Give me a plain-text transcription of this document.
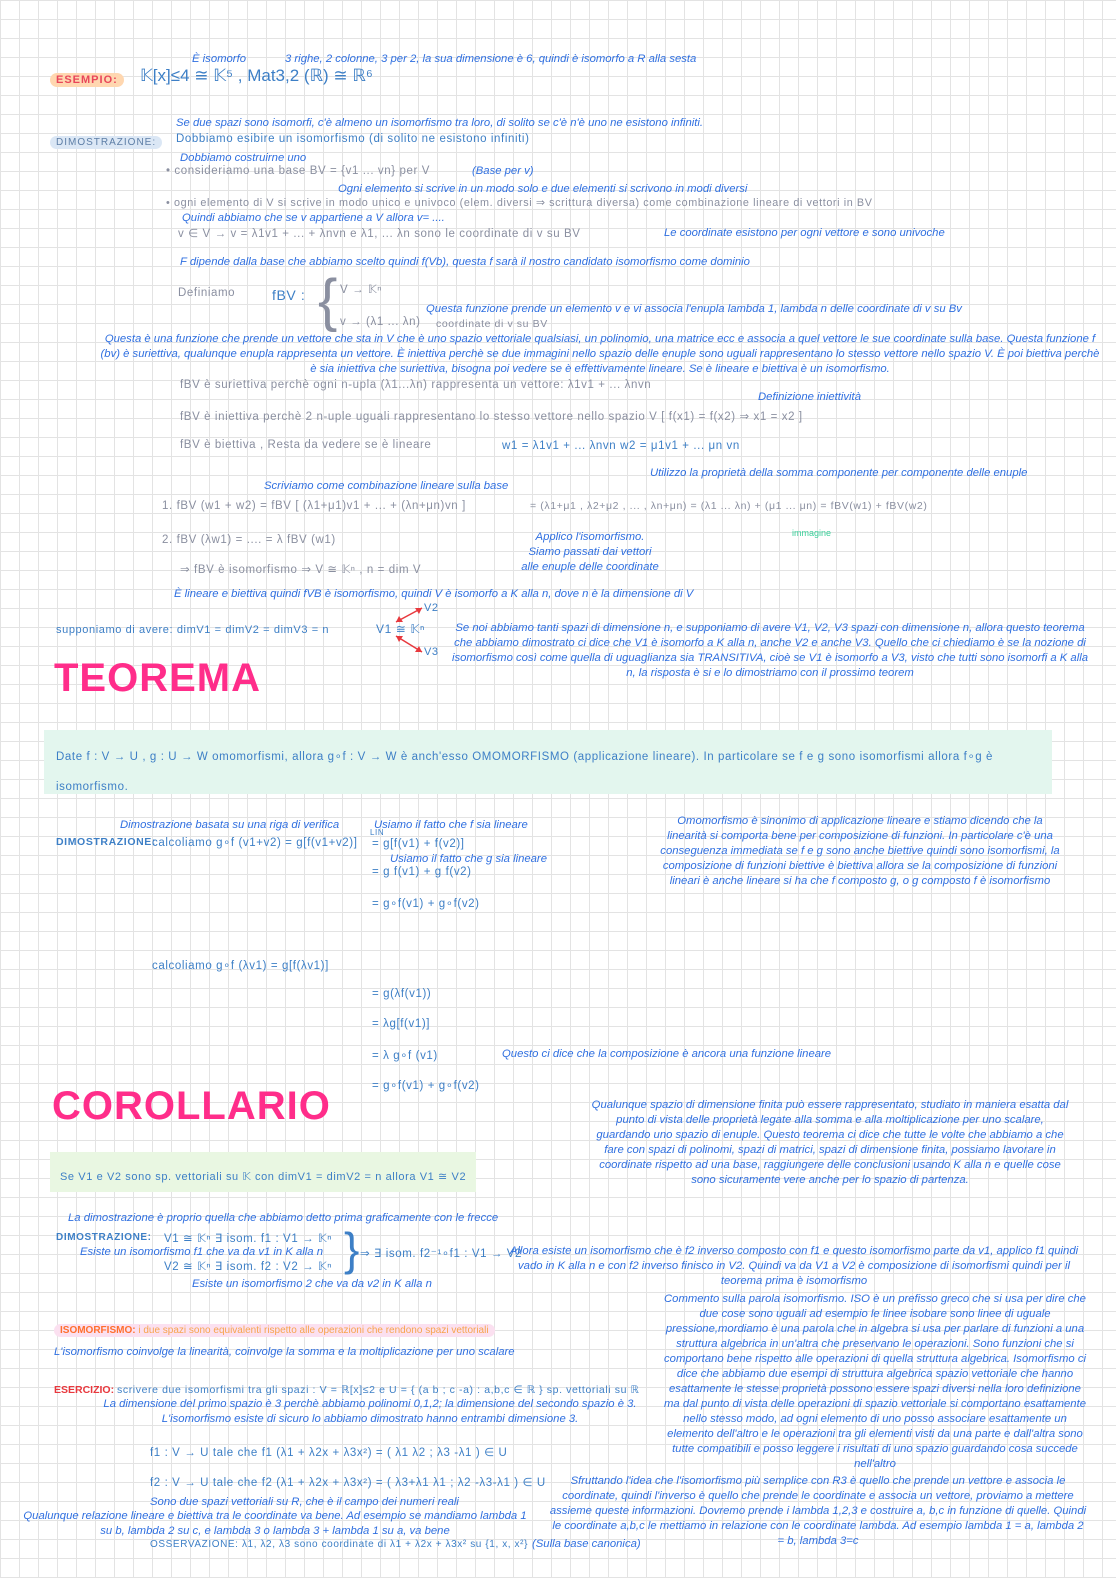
È isomorfo	3 righe, 2 colonne, 3 per 2, la sua dimensione è 6, quindi è isomorfo a R alla sesta
ESEMPIO:	𝕂[x]≤4 ≅ 𝕂⁵ , Mat3,2 (ℝ) ≅ ℝ⁶
Se due spazi sono isomorfi, c'è almeno un isomorfismo tra loro, di solito se c'è n'è uno ne esistono infiniti.
DIMOSTRAZIONE:	Dobbiamo esibire un isomorfismo (di solito ne esistono infiniti)
Dobbiamo costruirne uno
• consideriamo una base BV = {v1 ... vn} per V	(Base per v)
Ogni elemento si scrive in un modo solo e due elementi si scrivono in modi diversi
• ogni elemento di V si scrive in modo unico e univoco (elem. diversi ⇒ scrittura diversa) come combinazione lineare di vettori in BV
Quindi abbiamo che se v appartiene a V allora v= ....
v ∈ V → v = λ1v1 + ... + λnvn e λ1, ... λn sono le coordinate di v su BV	Le coordinate esistono per ogni vettore e sono univoche
F dipende dalla base che abbiamo scelto quindi f(Vb), questa f sarà il nostro candidato isomorfismo come dominio
Definiamo	fBV : { V → 𝕂ⁿ
v → (λ1 ... λn) coordinate di v su BV
Questa funzione prende un elemento v e vi associa l'enupla lambda 1, lambda n delle coordinate di v su Bv
Questa è una funzione che prende un vettore che sta in V che è uno spazio vettoriale qualsiasi, un polinomio, una matrice ecc e associa a quel vettore le sue coordinate sulla base. Questa funzione f (bv) è suriettiva, qualunque enupla rappresenta un vettore. È iniettiva perchè se due immagini nello spazio delle enuple sono uguali rappresentano lo stesso vettore nello spazio V. È poi biettiva perchè è sia iniettiva che suriettiva, bisogna poi vedere se è effettivamente lineare. Se è lineare e biettiva è un isomorfismo.
fBV è suriettiva perchè ogni n-upla (λ1...λn) rappresenta un vettore: λ1v1 + ... λnvn
Definizione iniettività
fBV è iniettiva perchè 2 n-uple uguali rappresentano lo stesso vettore nello spazio V [ f(x1) = f(x2) ⇒ x1 = x2 ]
fBV è biettiva , Resta da vedere se è lineare	w1 = λ1v1 + ... λnvn w2 = μ1v1 + ... μn vn
Utilizzo la proprietà della somma componente per componente delle enuple
Scriviamo come combinazione lineare sulla base
1. fBV (w1 + w2) = fBV [ (λ1+μ1)v1 + ... + (λn+μn)vn ]	= (λ1+μ1 , λ2+μ2 , ... , λn+μn) = (λ1 ... λn) + (μ1 ... μn) = fBV(w1) + fBV(w2)
immagine
Applico l'isomorfismo. Siamo passati dai vettori alle enuple delle coordinate
2. fBV (λw1) = .... = λ fBV (w1)
⇒ fBV è isomorfismo ⇒ V ≅ 𝕂ⁿ , n = dim V
È lineare e biettiva quindi fVB è isomorfismo, quindi V è isomorfo a K alla n, dove n è la dimensione di V
supponiamo di avere: dimV1 = dimV2 = dimV3 = n	V1 ≅ 𝕂ⁿ
V2
V3
Se noi abbiamo tanti spazi di dimensione n, e supponiamo di avere V1, V2, V3 spazi con dimensione n, allora questo teorema che abbiamo dimostrato ci dice che V1 è isomorfo a K alla n, anche V2 e anche V3. Quello che ci chiediamo è se la nozione di isomorfismo così come quella di uguaglianza sia TRANSITIVA, cioè se V1 è isomorfo a V3, visto che tutti sono isomorfi a K alla n, la risposta è si e lo dimostriamo con il prossimo teorem
TEOREMA
Date f : V → U , g : U → W omomorfismi, allora g∘f : V → W è anch'esso OMOMORFISMO (applicazione lineare). In particolare se f e g sono isomorfismi allora f∘g è isomorfismo.
Dimostrazione basata su una riga di verifica	Usiamo il fatto che f sia lineare
DIMOSTRAZIONE:
calcoliamo g∘f (v1+v2) = g[f(v1+v2)]
LIN
= g[f(v1) + f(v2)]
Usiamo il fatto che g sia lineare
= g f(v1) + g f(v2)
= g∘f(v1) + g∘f(v2)
Omomorfismo è sinonimo di applicazione lineare e stiamo dicendo che la linearità si comporta bene per composizione di funzioni. In particolare c'è una conseguenza immediata se f e g sono anche biettive quindi sono isomorfismi, la composizione di funzioni biettive è biettiva allora se la composizione di funzioni lineari è anche lineare si ha che f composto g, o g composto f è isomorfismo
calcoliamo g∘f (λv1) = g[f(λv1)]
= g(λf(v1))
= λg[f(v1)]
= λ g∘f (v1)
= g∘f(v1) + g∘f(v2)
Questo ci dice che la composizione è ancora una funzione lineare
COROLLARIO	Qualunque spazio di dimensione finita può essere rappresentato, studiato in maniera esatta dal punto di vista delle proprietà legate alla somma e alla moltiplicazione per uno scalare, guardando uno spazio di enuple. Questo teorema ci dice che tutte le volte che abbiamo a che fare con spazi di polinomi, spazi di matrici, spazi di dimensione finita, possiamo lavorare in coordinate rispetto ad una base, raggiungere delle conclusioni usando K alla n e quelle cose sono sicuramente vere anche per lo spazio di partenza.
Se V1 e V2 sono sp. vettoriali su 𝕂 con dimV1 = dimV2 = n allora V1 ≅ V2
La dimostrazione è proprio quella che abbiamo detto prima graficamente con le frecce
DIMOSTRAZIONE: V1 ≅ 𝕂ⁿ ∃ isom. f1 : V1 → 𝕂ⁿ
Esiste un isomorfismo f1 che va da v1 in K alla n
V2 ≅ 𝕂ⁿ ∃ isom. f2 : V2 → 𝕂ⁿ } ⇒ ∃ isom. f2⁻¹∘f1 : V1 → V2
Esiste un isomorfismo 2 che va da v2 in K alla n
Allora esiste un isomorfismo che è f2 inverso composto con f1 e questo isomorfismo parte da v1, applico f1 quindi vado in K alla n e con f2 inverso finisco in V2. Quindi va da V1 a V2 è composizione di isomorfismi quindi per il teorema prima è isomorfismo
ISOMORFISMO: i due spazi sono equivalenti rispetto alle operazioni che rendono spazi vettoriali
L'isomorfismo coinvolge la linearità, coinvolge la somma e la moltiplicazione per uno scalare
Commento sulla parola isomorfismo. ISO è un prefisso greco che si usa per dire che due cose sono uguali ad esempio le linee isobare sono linee di uguale pressione,mordiamo è una parola che in algebra si usa per parlare di funzioni a una struttura algebrica in un'altra che preservano le operazioni. Sono funzioni che si comportano bene rispetto alle operazioni di quella struttura algebrica. Isomorfismo ci dice che abbiamo due esempi di struttura algebrica spazio vettoriale che hanno esattamente le stesse proprietà possono essere spazi diversi nella loro definizione ma dal punto di vista delle operazioni di spazio vettoriale si comportano esattamente nello stesso modo, ad ogni elemento di uno posso associare esattamente un elemento dell'altro e le operazioni tra gli elementi visti da una parte e dall'altra sono tutte compatibili e posso leggere i risultati di uno spazio guardando cosa succede nell'altro
ESERCIZIO: scrivere due isomorfismi tra gli spazi : V = ℝ[x]≤2 e U = { (a b ; c -a) : a,b,c ∈ ℝ } sp. vettoriali su ℝ
La dimensione del primo spazio è 3 perchè abbiamo polinomi 0,1,2; la dimensione del secondo spazio è 3. L'isomorfismo esiste di sicuro lo abbiamo dimostrato hanno entrambi dimensione 3.
f1 : V → U tale che f1 (λ1 + λ2x + λ3x²) = ( λ1 λ2 ; λ3 -λ1 ) ∈ U
f2 : V → U tale che f2 (λ1 + λ2x + λ3x²) = ( λ3+λ1 λ1 ; λ2 -λ3-λ1 ) ∈ U
Sono due spazi vettoriali su R, che è il campo dei numeri reali
Qualunque relazione lineare e biettiva tra le coordinate va bene. Ad esempio se mandiamo lambda 1 su b, lambda 2 su c, e lambda 3 o lambda 3 + lambda 1 su a, va bene
OSSERVAZIONE: λ1, λ2, λ3 sono coordinate di λ1 + λ2x + λ3x² su {1, x, x²} (Sulla base canonica)
Sfruttando l'idea che l'isomorfismo più semplice con R3 è quello che prende un vettore e associa le coordinate, quindi l'inverso è quello che prende le coordinate e associa un vettore, proviamo a mettere assieme queste informazioni. Dovremo prende i lambda 1,2,3 e costruire a, b,c in funzione di quelle. Quindi le coordinate a,b,c le mettiamo in relazione con le coordinate lambda. Ad esempio lambda 1 = a, lambda 2 = b, lambda 3=c
